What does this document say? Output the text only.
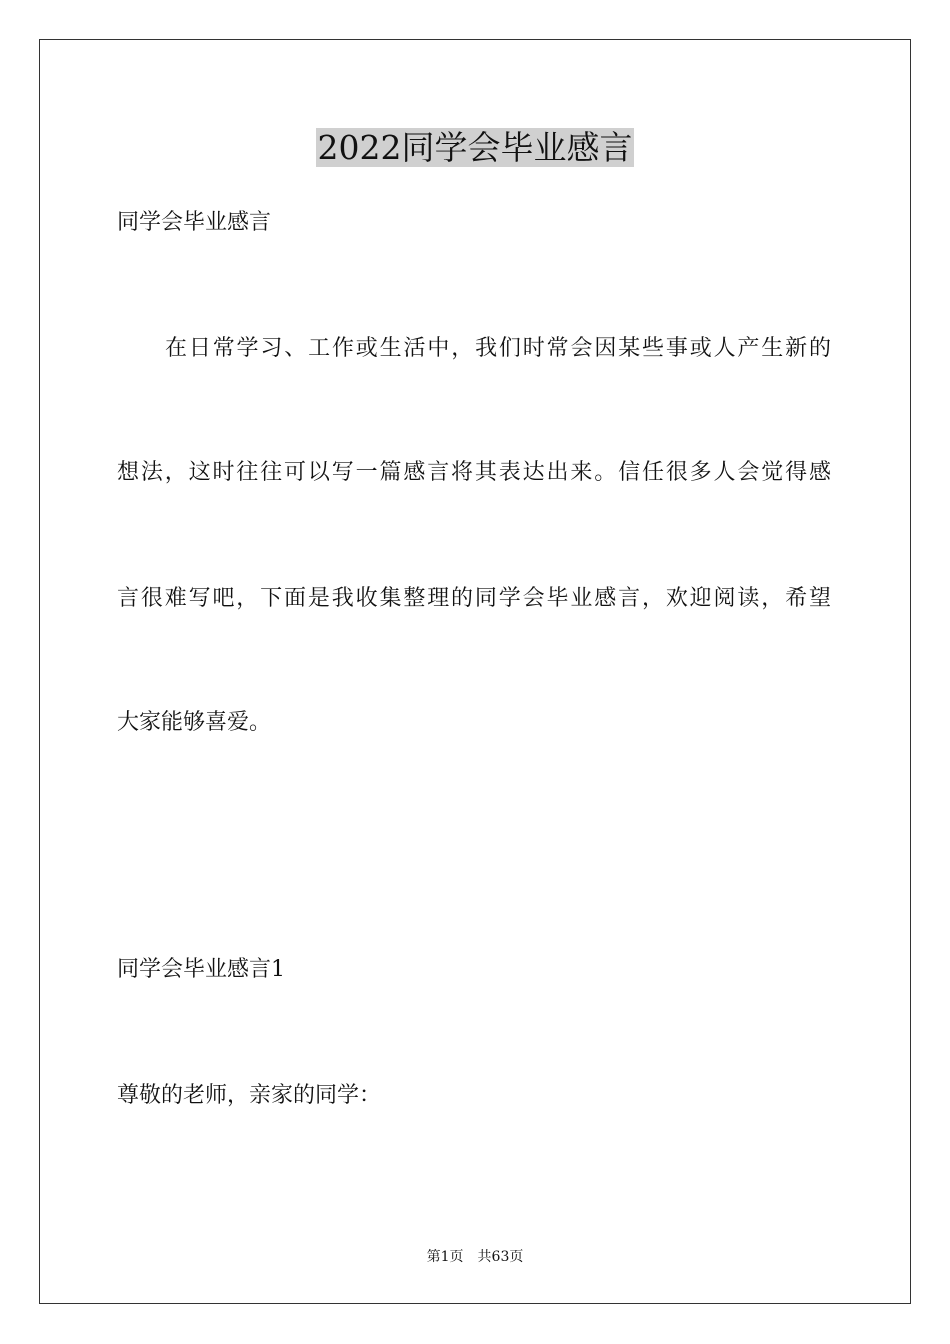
2022同学会毕业感言
同学会毕业感言
在日常学习、工作或生活中，我们时常会因某些事或人产生新的
想法，这时往往可以写一篇感言将其表达出来。信任很多人会觉得感
言很难写吧，下面是我收集整理的同学会毕业感言，欢迎阅读，希望
大家能够喜爱。
同学会毕业感言1
尊敬的老师，亲家的同学：
第1页　共63页
